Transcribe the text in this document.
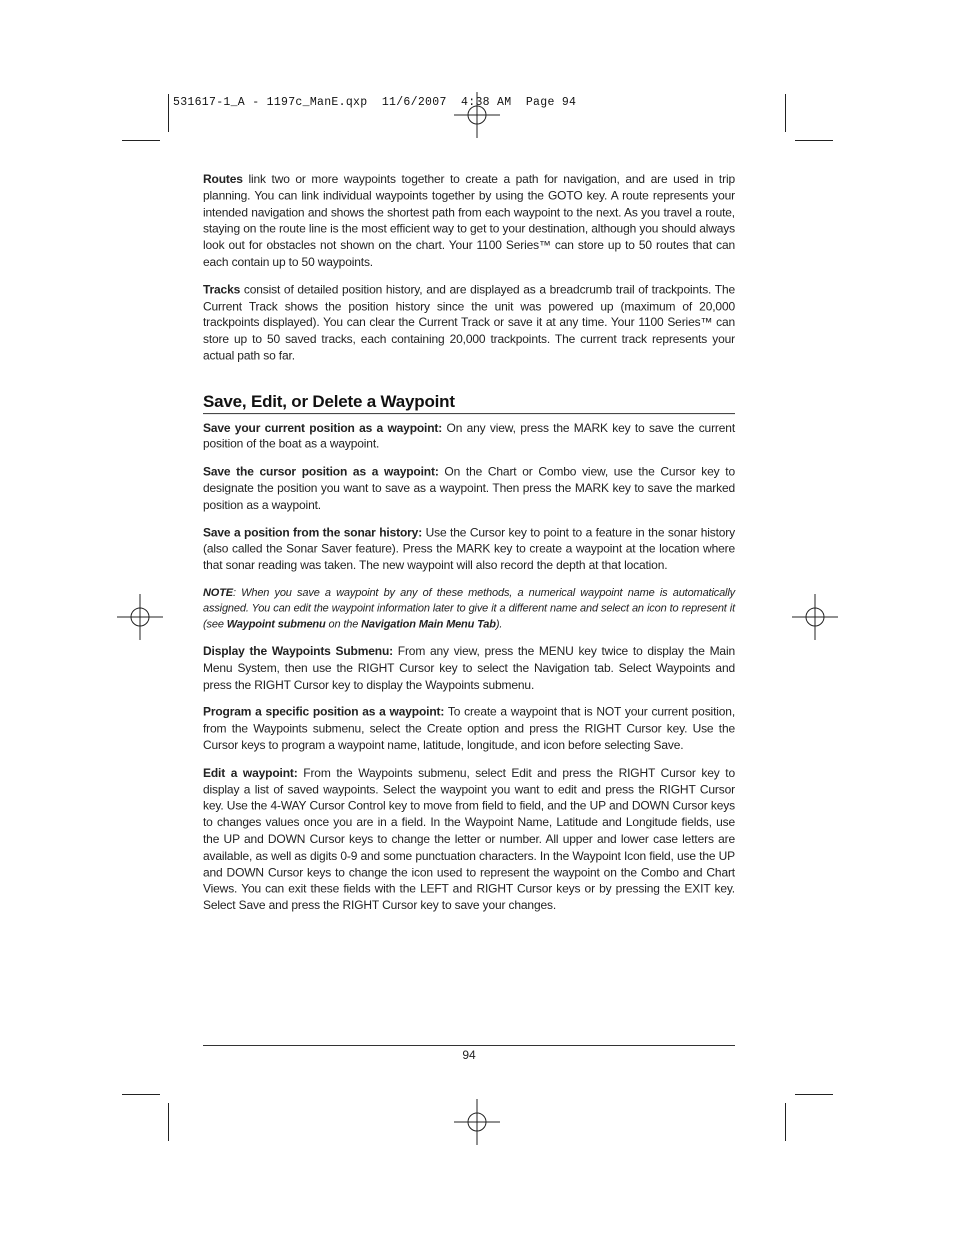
531617-1_A - 1197c_ManE.qxp  11/6/2007  4:38 AM  Page 94

Routes link two or more waypoints together to create a path for navigation, and are used in trip planning. You can link individual waypoints together by using the GOTO key. A route represents your intended navigation and shows the shortest path from each waypoint to the next. As you travel a route, staying on the route line is the most efficient way to get to your destination, although you should always look out for obstacles not shown on the chart. Your 1100 Series™ can store up to 50 routes that can each contain up to 50 waypoints.

Tracks consist of detailed position history, and are displayed as a breadcrumb trail of trackpoints. The Current Track shows the position history since the unit was powered up (maximum of 20,000 trackpoints displayed). You can clear the Current Track or save it at any time. Your 1100 Series™ can store up to 50 saved tracks, each containing 20,000 trackpoints. The current track represents your actual path so far.

Save, Edit, or Delete a Waypoint

Save your current position as a waypoint: On any view, press the MARK key to save the current position of the boat as a waypoint.

Save the cursor position as a waypoint: On the Chart or Combo view, use the Cursor key to designate the position you want to save as a waypoint. Then press the MARK key to save the marked position as a waypoint.

Save a position from the sonar history: Use the Cursor key to point to a feature in the sonar history (also called the Sonar Saver feature). Press the MARK key to create a waypoint at the location where that sonar reading was taken. The new waypoint will also record the depth at that location.

NOTE: When you save a waypoint by any of these methods, a numerical waypoint name is automatically assigned. You can edit the waypoint information later to give it a different name and select an icon to represent it (see Waypoint submenu on the Navigation Main Menu Tab).

Display the Waypoints Submenu: From any view, press the MENU key twice to display the Main Menu System, then use the RIGHT Cursor key to select the Navigation tab. Select Waypoints and press the RIGHT Cursor key to display the Waypoints submenu.

Program a specific position as a waypoint: To create a waypoint that is NOT your current position, from the Waypoints submenu, select the Create option and press the RIGHT Cursor key. Use the Cursor keys to program a waypoint name, latitude, longitude, and icon before selecting Save.

Edit a waypoint: From the Waypoints submenu, select Edit and press the RIGHT Cursor key to display a list of saved waypoints. Select the waypoint you want to edit and press the RIGHT Cursor key. Use the 4-WAY Cursor Control key to move from field to field, and the UP and DOWN Cursor keys to changes values once you are in a field. In the Waypoint Name, Latitude and Longitude fields, use the UP and DOWN Cursor keys to change the letter or number. All upper and lower case letters are available, as well as digits 0-9 and some punctuation characters. In the Waypoint Icon field, use the UP and DOWN Cursor keys to change the icon used to represent the waypoint on the Combo and Chart Views. You can exit these fields with the LEFT and RIGHT Cursor keys or by pressing the EXIT key. Select Save and press the RIGHT Cursor key to save your changes.

94
